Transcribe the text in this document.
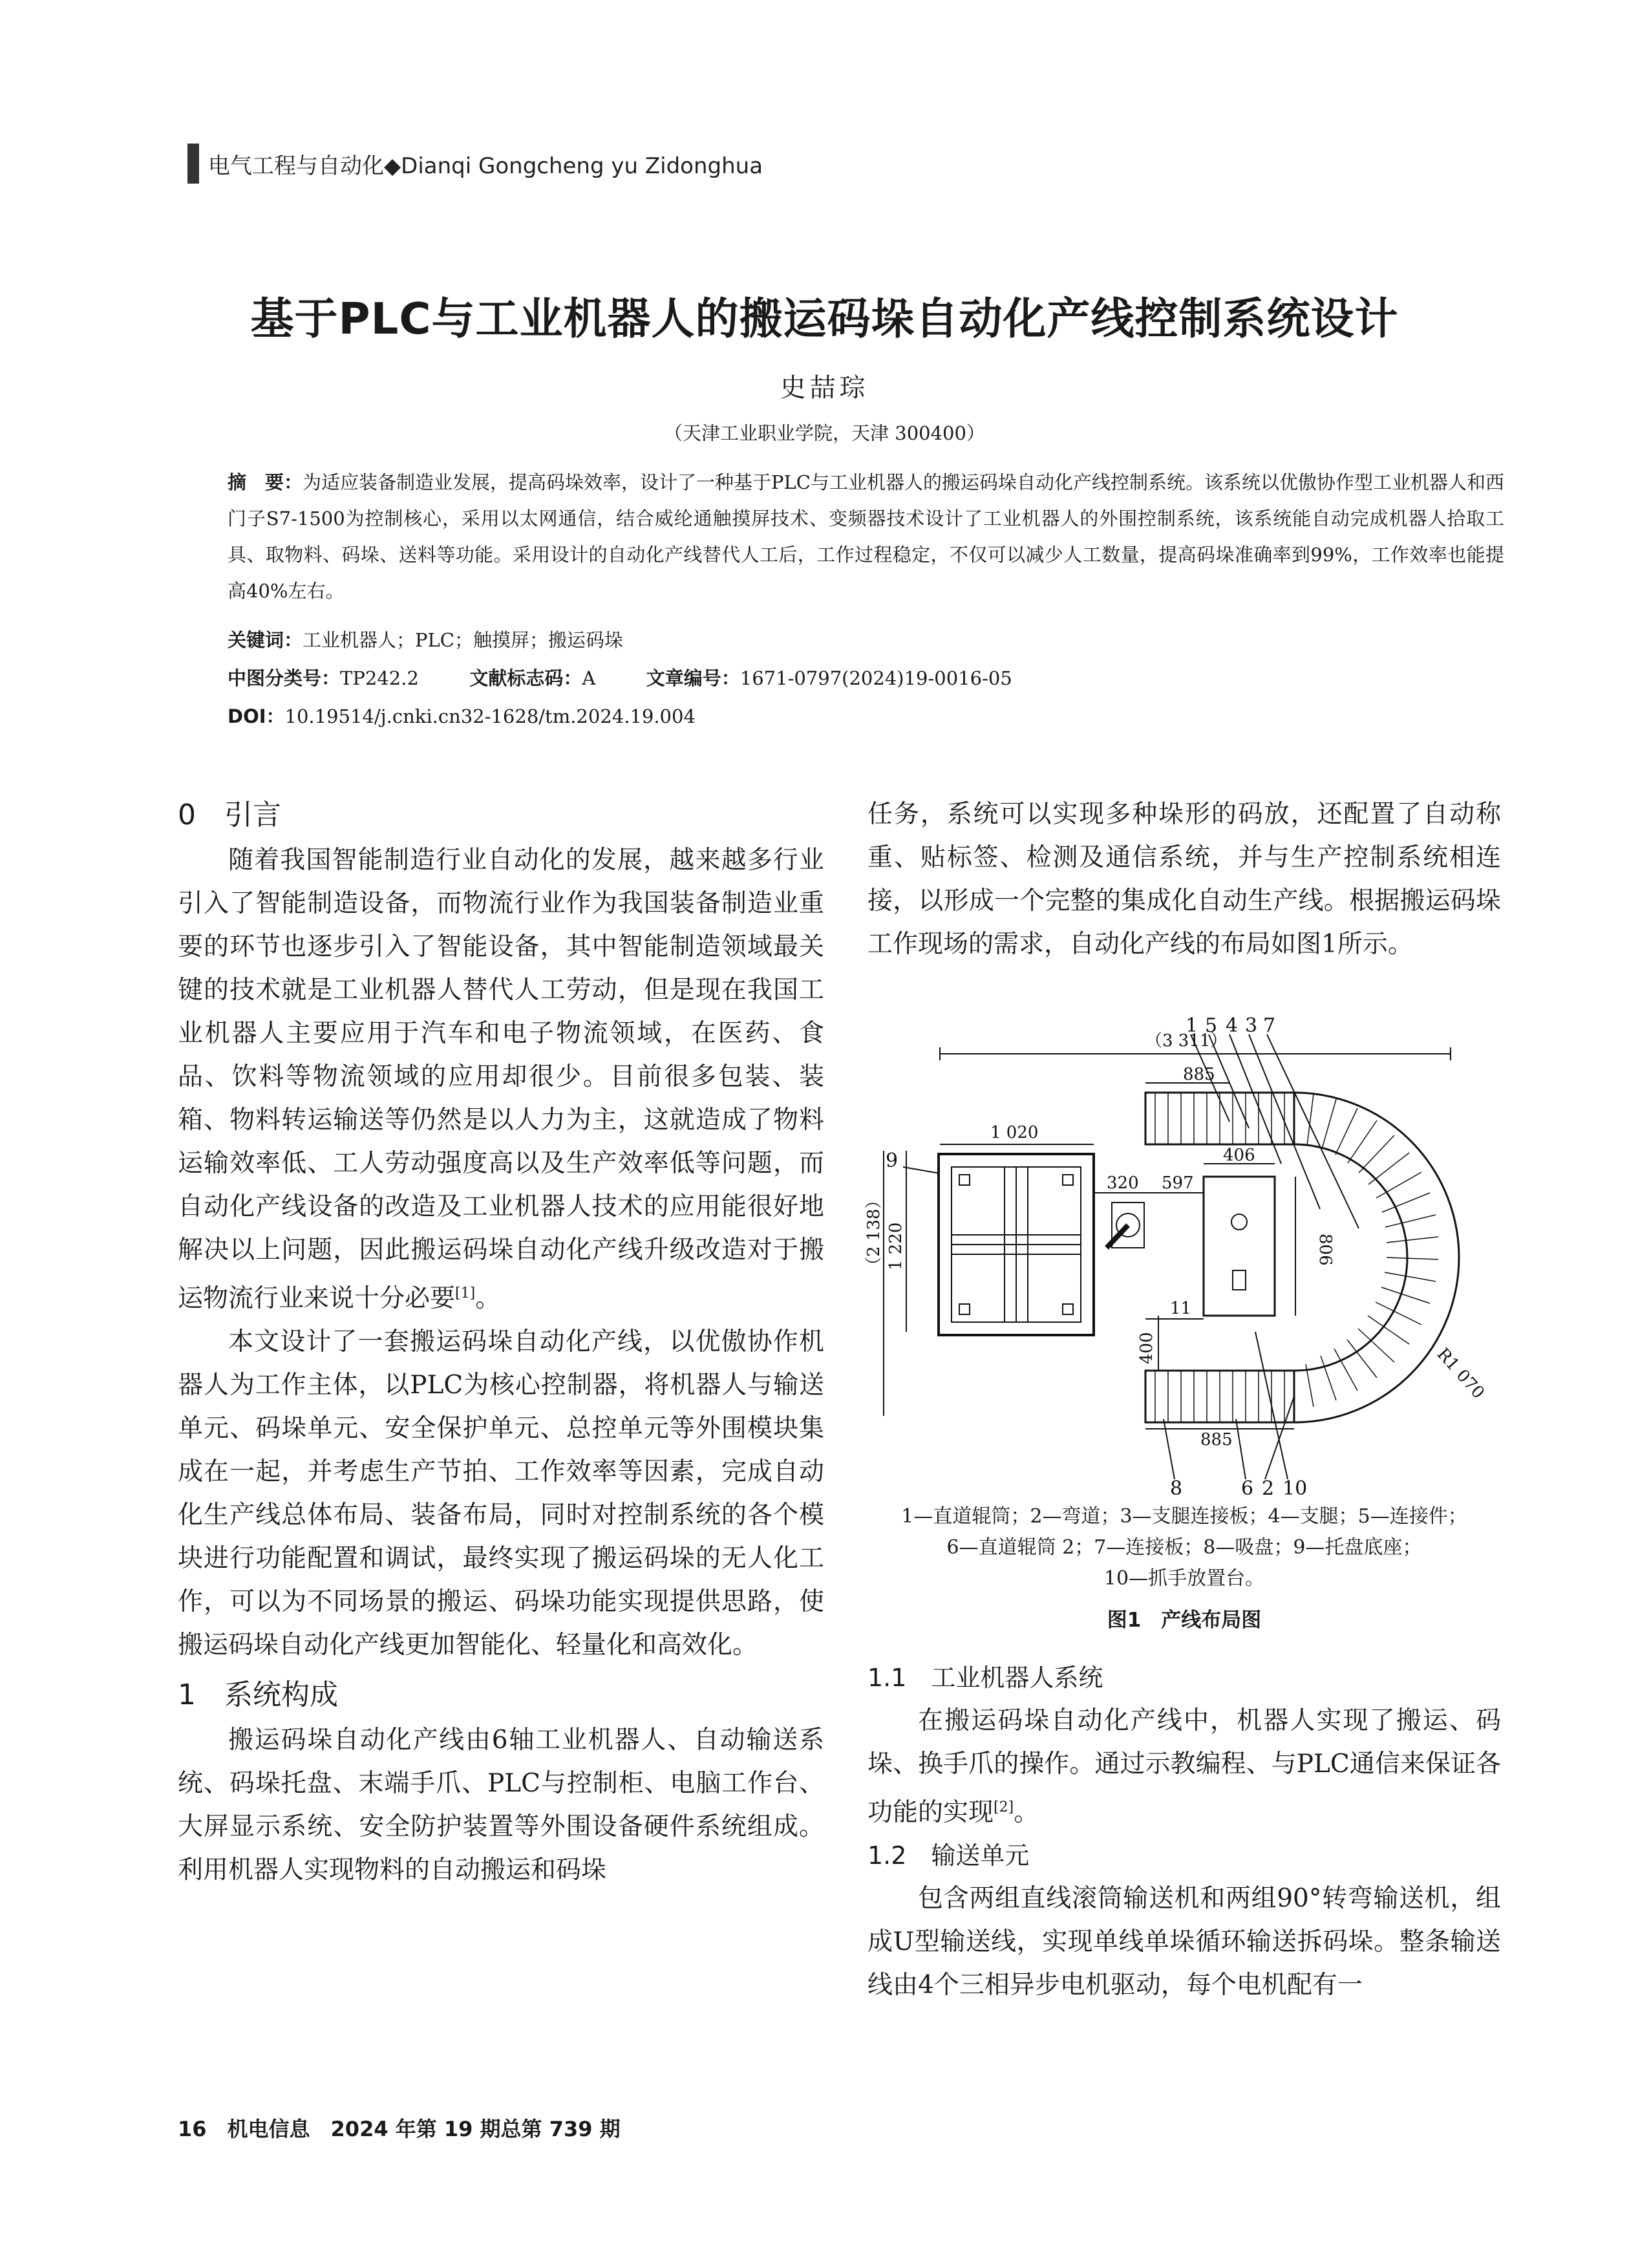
电气工程与自动化◆Dianqi Gongcheng yu Zidonghua
基于PLC与工业机器人的搬运码垛自动化产线控制系统设计
史喆琮
（天津工业职业学院，天津 300400）
摘　要：为适应装备制造业发展，提高码垛效率，设计了一种基于PLC与工业机器人的搬运码垛自动化产线控制系统。该系统以优傲协作型工业机器人和西门子S7-1500为控制核心，采用以太网通信，结合威纶通触摸屏技术、变频器技术设计了工业机器人的外围控制系统，该系统能自动完成机器人拾取工具、取物料、码垛、送料等功能。采用设计的自动化产线替代人工后，工作过程稳定，不仅可以减少人工数量，提高码垛准确率到99%，工作效率也能提高40%左右。
关键词：工业机器人；PLC；触摸屏；搬运码垛
中图分类号：TP242.2	文献标志码：A	文章编号：1671-0797(2024)19-0016-05
DOI：10.19514/j.cnki.cn32-1628/tm.2024.19.004
0　引言

随着我国智能制造行业自动化的发展，越来越多行业引入了智能制造设备，而物流行业作为我国装备制造业重要的环节也逐步引入了智能设备，其中智能制造领域最关键的技术就是工业机器人替代人工劳动，但是现在我国工业机器人主要应用于汽车和电子物流领域，在医药、食品、饮料等物流领域的应用却很少。目前很多包装、装箱、物料转运输送等仍然是以人力为主，这就造成了物料运输效率低、工人劳动强度高以及生产效率低等问题，而自动化产线设备的改造及工业机器人技术的应用能很好地解决以上问题，因此搬运码垛自动化产线升级改造对于搬运物流行业来说十分必要[1]。

本文设计了一套搬运码垛自动化产线，以优傲协作机器人为工作主体，以PLC为核心控制器，将机器人与输送单元、码垛单元、安全保护单元、总控单元等外围模块集成在一起，并考虑生产节拍、工作效率等因素，完成自动化生产线总体布局、装备布局，同时对控制系统的各个模块进行功能配置和调试，最终实现了搬运码垛的无人化工作，可以为不同场景的搬运、码垛功能实现提供思路，使搬运码垛自动化产线更加智能化、轻量化和高效化。

1　系统构成

搬运码垛自动化产线由6轴工业机器人、自动输送系统、码垛托盘、末端手爪、PLC与控制柜、电脑工作台、大屏显示系统、安全防护装置等外围设备硬件系统组成。利用机器人实现物料的自动搬运和码垛

任务，系统可以实现多种垛形的码放，还配置了自动称重、贴标签、检测及通信系统，并与生产控制系统相连接，以形成一个完整的集成化自动生产线。根据搬运码垛工作现场的需求，自动化产线的布局如图1所示。

（3 311）
885
1 020
320 597
406
806
（2 138） 1 220
11
400
885
R1 070
1 5 4 3 7
9
8	6 2 10
1—直道辊筒；2—弯道；3—支腿连接板；4—支腿；5—连接件；
6—直道辊筒 2；7—连接板；8—吸盘；9—托盘底座；
10—抓手放置台。
图1　产线布局图
1.1　工业机器人系统

在搬运码垛自动化产线中，机器人实现了搬运、码垛、换手爪的操作。通过示教编程、与PLC通信来保证各功能的实现[2]。

1.2　输送单元

包含两组直线滚筒输送机和两组90°转弯输送机，组成U型输送线，实现单线单垛循环输送拆码垛。整条输送线由4个三相异步电机驱动，每个电机配有一

16　机电信息　2024 年第 19 期总第 739 期
